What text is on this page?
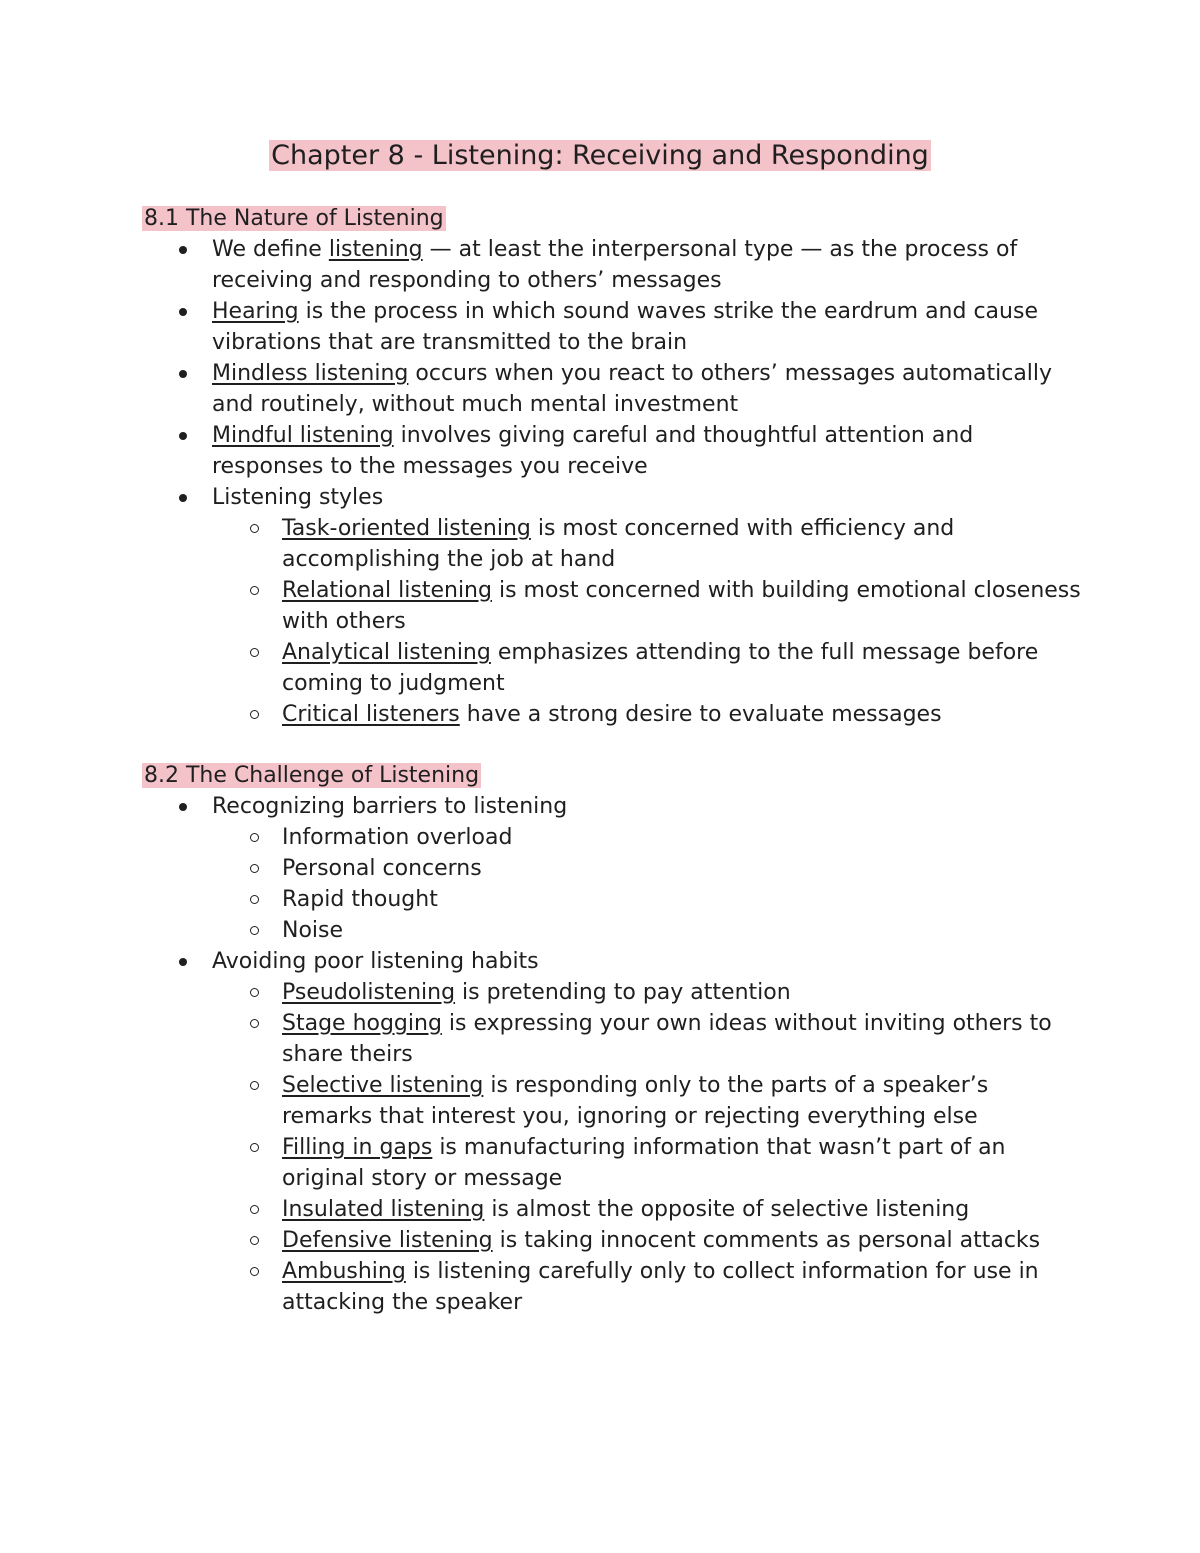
Chapter 8 - Listening: Receiving and Responding
8.1 The Nature of Listening
We define listening — at least the interpersonal type — as the process of receiving and responding to others’ messages
Hearing is the process in which sound waves strike the eardrum and cause vibrations that are transmitted to the brain
Mindless listening occurs when you react to others’ messages automatically and routinely, without much mental investment
Mindful listening involves giving careful and thoughtful attention and responses to the messages you receive
Listening styles
Task-oriented listening is most concerned with efficiency and accomplishing the job at hand
Relational listening is most concerned with building emotional closeness with others
Analytical listening emphasizes attending to the full message before coming to judgment
Critical listeners have a strong desire to evaluate messages
8.2 The Challenge of Listening
Recognizing barriers to listening
Information overload
Personal concerns
Rapid thought
Noise
Avoiding poor listening habits
Pseudolistening is pretending to pay attention
Stage hogging is expressing your own ideas without inviting others to share theirs
Selective listening is responding only to the parts of a speaker’s remarks that interest you, ignoring or rejecting everything else
Filling in gaps is manufacturing information that wasn’t part of an original story or message
Insulated listening is almost the opposite of selective listening
Defensive listening is taking innocent comments as personal attacks
Ambushing is listening carefully only to collect information for use in attacking the speaker
